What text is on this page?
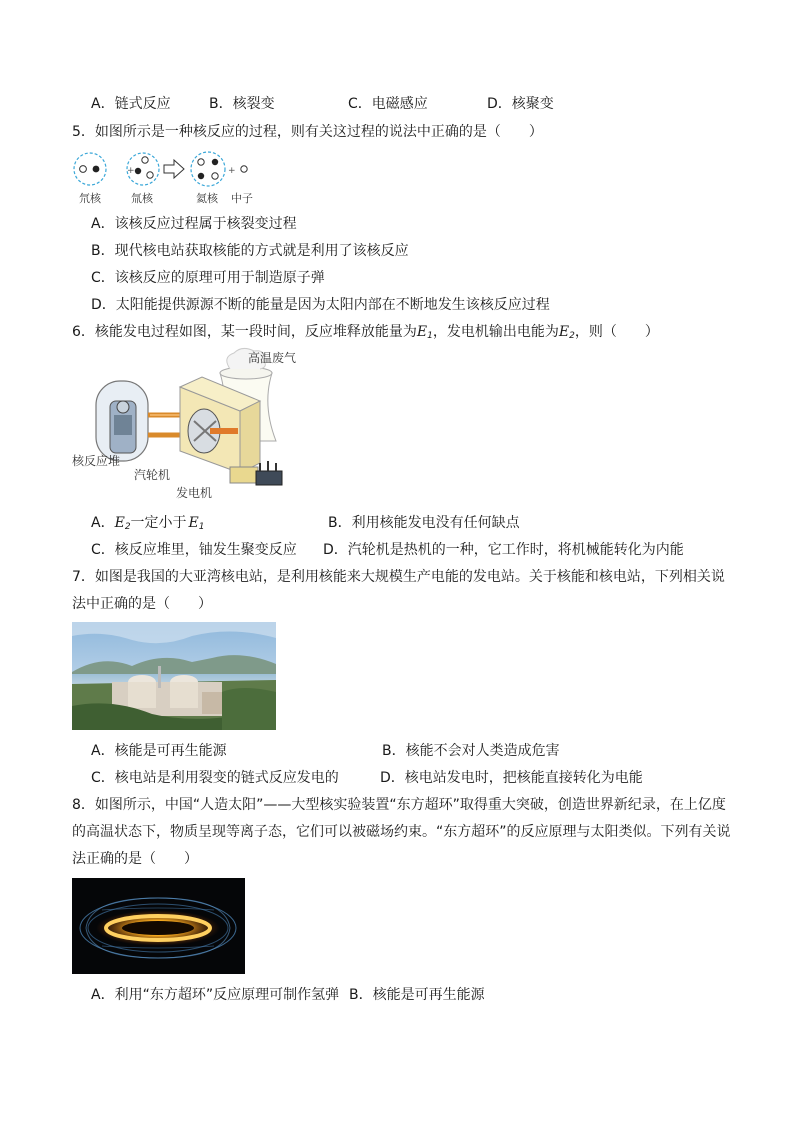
A．链式反应	B．核裂变	C．电磁感应	D．核聚变
5．如图所示是一种核反应的过程，则有关这过程的说法中正确的是（　　）
+	+
氘核	氚核	氦核 中子
A．该核反应过程属于核裂变过程
B．现代核电站获取核能的方式就是利用了该核反应
C．该核反应的原理可用于制造原子弹
D．太阳能提供源源不断的能量是因为太阳内部在不断地发生该核反应过程
6．核能发电过程如图，某一段时间，反应堆释放能量为$E_1$，发电机输出电能为$E_2$，则（　　）
高温废气
核反应堆
汽轮机
发电机
A．$E_2$一定小于 $E_1$	B．利用核能发电没有任何缺点
C．核反应堆里，铀发生聚变反应 D．汽轮机是热机的一种，它工作时，将机械能转化为内能
7．如图是我国的大亚湾核电站，是利用核能来大规模生产电能的发电站。关于核能和核电站，下列相关说
法中正确的是（　　）
A．核能是可再生能源	B．核能不会对人类造成危害
C．核电站是利用裂变的链式反应发电的	D．核电站发电时，把核能直接转化为电能
8．如图所示，中国“人造太阳”——大型核实验装置“东方超环”取得重大突破，创造世界新纪录，在上亿度
的高温状态下，物质呈现等离子态，它们可以被磁场约束。“东方超环”的反应原理与太阳类似。下列有关说
法正确的是（　　）
A．利用“东方超环”反应原理可制作氢弹 B．核能是可再生能源
